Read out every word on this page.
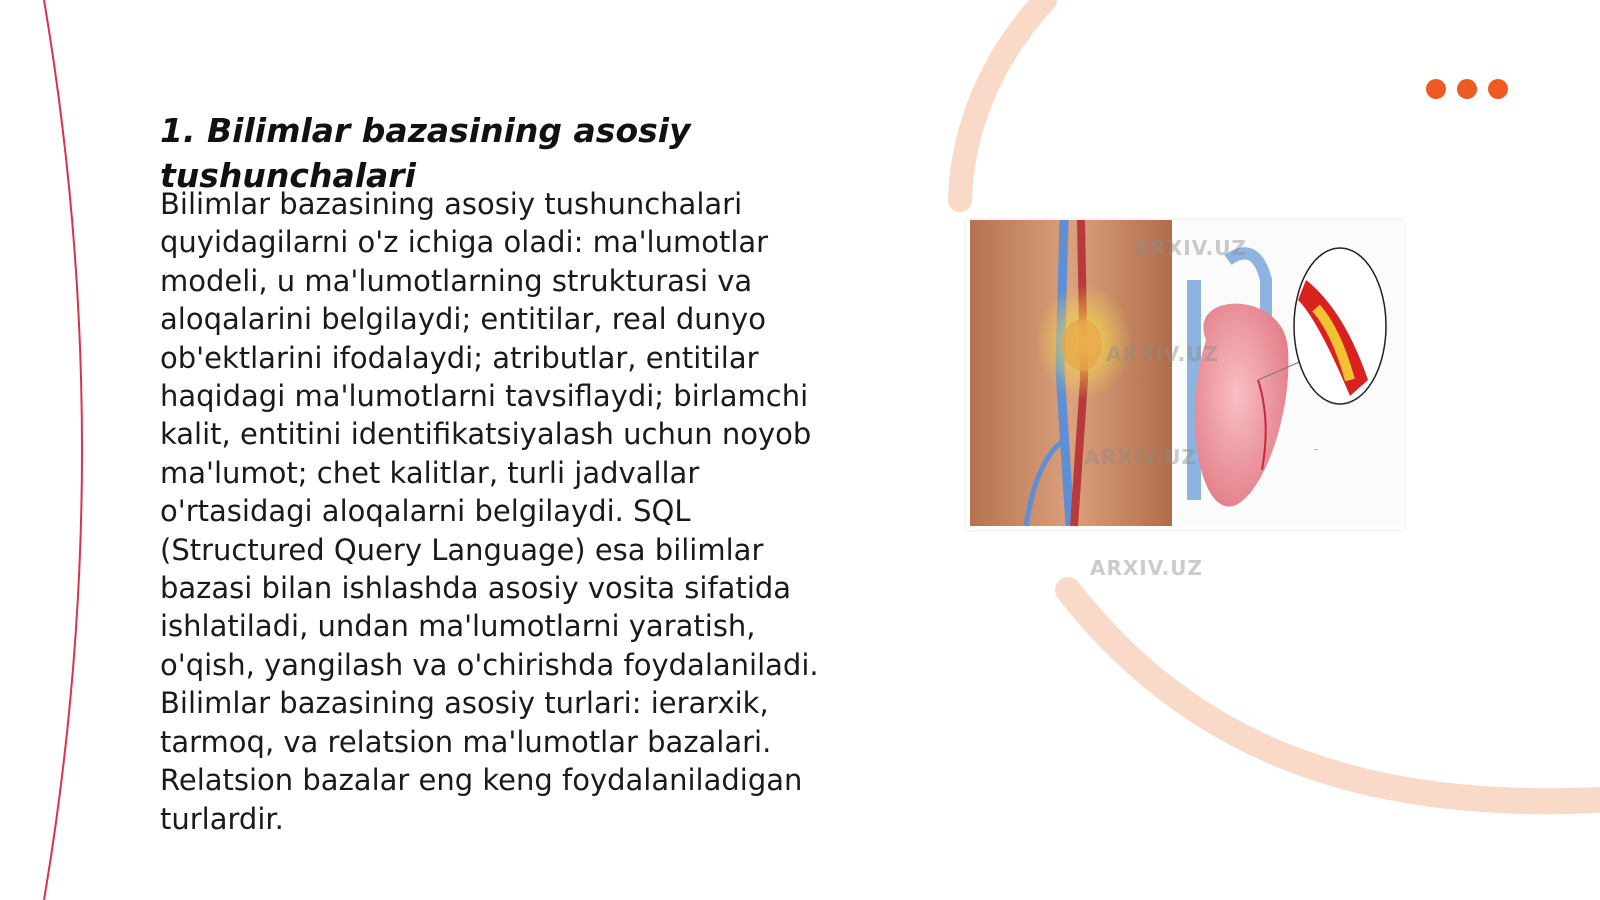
1. Bilimlar bazasining asosiy tushunchalari
Bilimlar bazasining asosiy tushunchalari quyidagilarni o'z ichiga oladi: ma'lumotlar modeli, u ma'lumotlarning strukturasi va aloqalarini belgilaydi; entitilar, real dunyo ob'ektlarini ifodalaydi; atributlar, entitilar haqidagi ma'lumotlarni tavsiflaydi; birlamchi kalit, entitini identifikatsiyalash uchun noyob ma'lumot; chet kalitlar, turli jadvallar o'rtasidagi aloqalarni belgilaydi. SQL (Structured Query Language) esa bilimlar bazasi bilan ishlashda asosiy vosita sifatida ishlatiladi, undan ma'lumotlarni yaratish, o'qish, yangilash va o'chirishda foydalaniladi. Bilimlar bazasining asosiy turlari: ierarxik, tarmoq, va relatsion ma'lumotlar bazalari. Relatsion bazalar eng keng foydalaniladigan turlardir.
~
ARXIV.UZ
ARXIV.UZ
ARXIV.UZ
ARXIV.UZ
